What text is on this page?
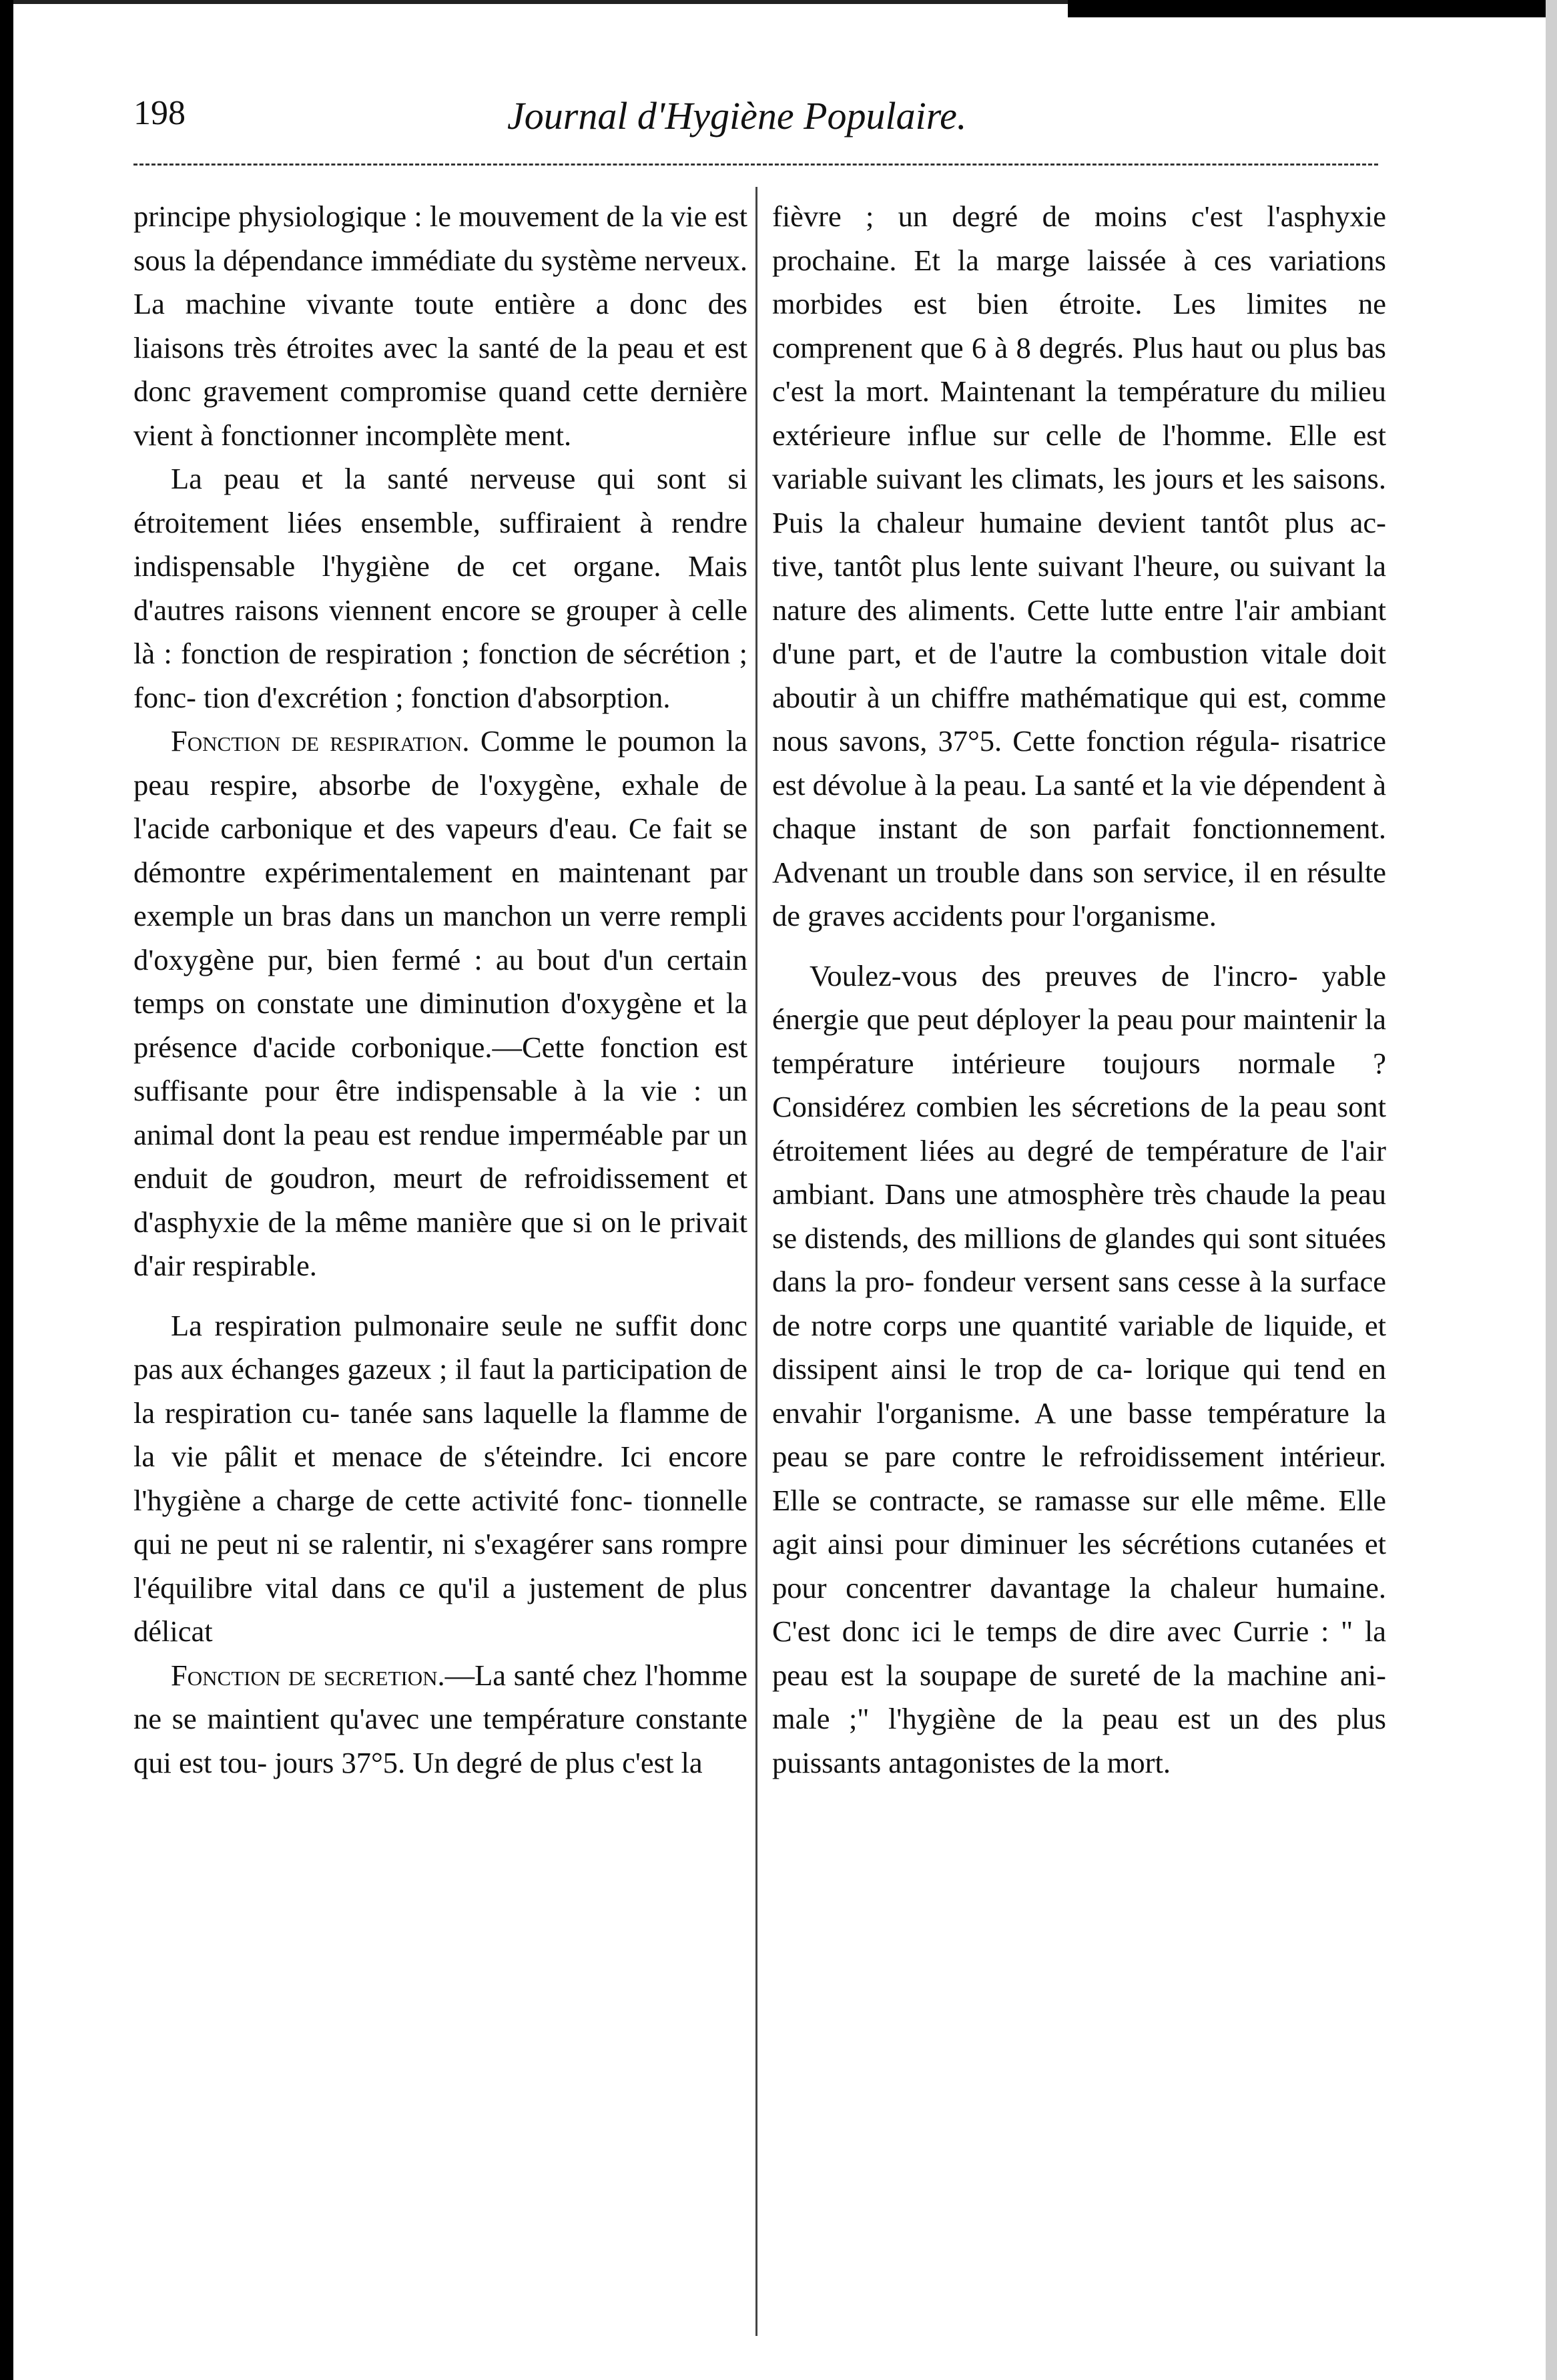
198	Journal d'Hygiène Populaire.

principe physiologique : le mouvement de la vie est sous la dépendance immédiate du système nerveux. La machine vivante toute entière a donc des liaisons très étroites avec la santé de la peau et est donc gravement compromise quand cette dernière vient à fonctionner incomplète ment.

La peau et la santé nerveuse qui sont si étroitement liées ensemble, suffiraient à rendre indispensable l'hygiène de cet organe. Mais d'autres raisons viennent encore se grouper à celle là : fonction de respiration ; fonction de sécrétion ; fonc- tion d'excrétion ; fonction d'absorption.

Fonction de respiration. Comme le poumon la peau respire, absorbe de l'oxygène, exhale de l'acide carbonique et des vapeurs d'eau. Ce fait se démontre expérimentalement en maintenant par exemple un bras dans un manchon un verre rempli d'oxygène pur, bien fermé : au bout d'un certain temps on constate une diminution d'oxygène et la présence d'acide corbonique.—Cette fonction est suffisante pour être indispensable à la vie : un animal dont la peau est rendue imperméable par un enduit de goudron, meurt de refroidissement et d'asphyxie de la même manière que si on le privait d'air respirable.

La respiration pulmonaire seule ne suffit donc pas aux échanges gazeux ; il faut la participation de la respiration cu- tanée sans laquelle la flamme de la vie pâlit et menace de s'éteindre. Ici encore l'hygiène a charge de cette activité fonc- tionnelle qui ne peut ni se ralentir, ni s'exagérer sans rompre l'équilibre vital dans ce qu'il a justement de plus délicat

Fonction de secretion.—La santé chez l'homme ne se maintient qu'avec une température constante qui est tou- jours 37°5. Un degré de plus c'est la

fièvre ; un degré de moins c'est l'asphyxie prochaine. Et la marge laissée à ces variations morbides est bien étroite. Les limites ne comprenent que 6 à 8 degrés. Plus haut ou plus bas c'est la mort. Maintenant la température du milieu extérieure influe sur celle de l'homme. Elle est variable suivant les climats, les jours et les saisons. Puis la chaleur humaine devient tantôt plus ac- tive, tantôt plus lente suivant l'heure, ou suivant la nature des aliments. Cette lutte entre l'air ambiant d'une part, et de l'autre la combustion vitale doit aboutir à un chiffre mathématique qui est, comme nous savons, 37°5. Cette fonction régula- risatrice est dévolue à la peau. La santé et la vie dépendent à chaque instant de son parfait fonctionnement. Advenant un trouble dans son service, il en résulte de graves accidents pour l'organisme.

Voulez-vous des preuves de l'incro- yable énergie que peut déployer la peau pour maintenir la température intérieure toujours normale ? Considérez combien les sécretions de la peau sont étroitement liées au degré de température de l'air ambiant. Dans une atmosphère très chaude la peau se distends, des millions de glandes qui sont situées dans la pro- fondeur versent sans cesse à la surface de notre corps une quantité variable de liquide, et dissipent ainsi le trop de ca- lorique qui tend en envahir l'organisme. A une basse température la peau se pare contre le refroidissement intérieur. Elle se contracte, se ramasse sur elle même. Elle agit ainsi pour diminuer les sécrétions cutanées et pour concentrer davantage la chaleur humaine. C'est donc ici le temps de dire avec Currie : " la peau est la soupape de sureté de la machine ani- male ;" l'hygiène de la peau est un des plus puissants antagonistes de la mort.
